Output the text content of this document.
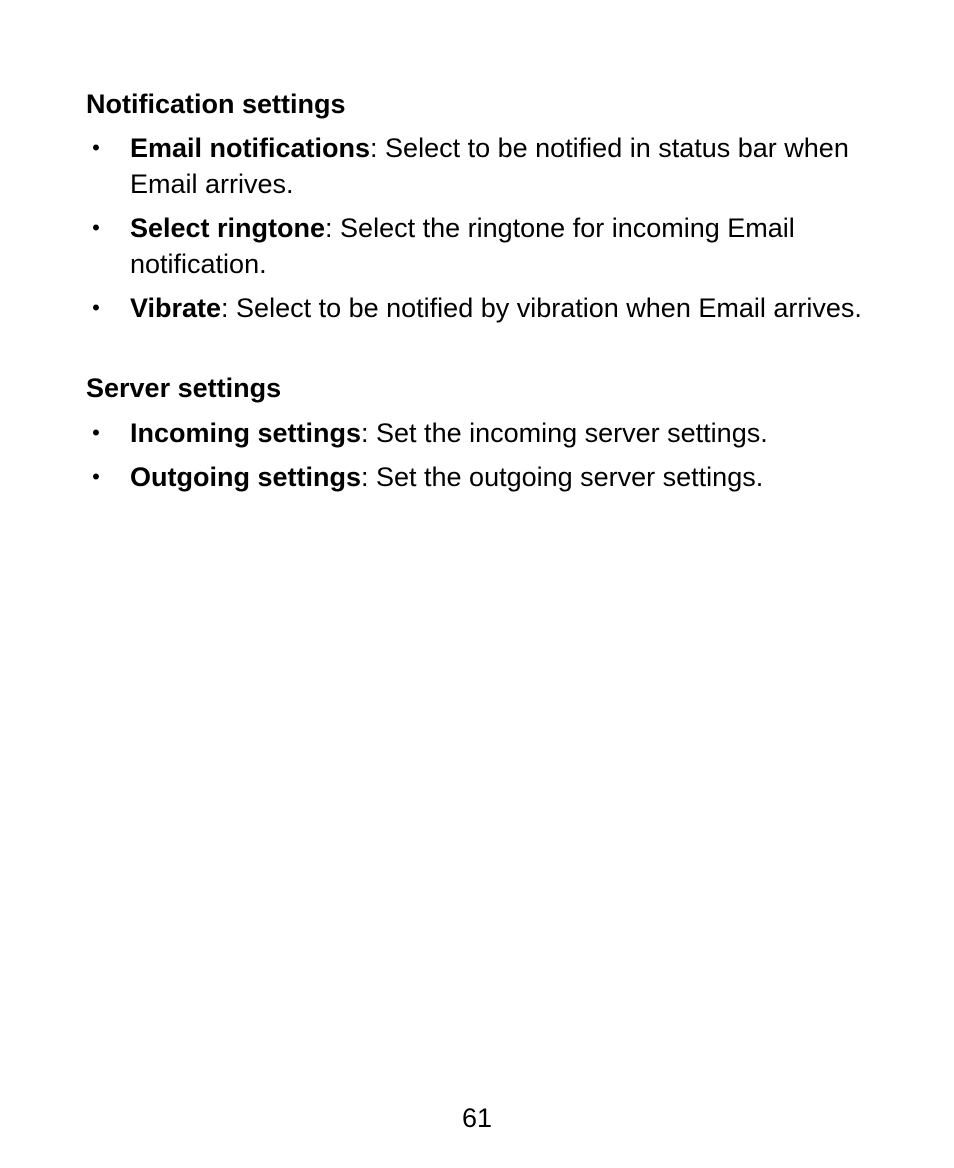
Notification settings
• Email notifications: Select to be notified in status bar when Email arrives.
• Select ringtone: Select the ringtone for incoming Email notification.
• Vibrate: Select to be notified by vibration when Email arrives.
Server settings
• Incoming settings: Set the incoming server settings.
• Outgoing settings: Set the outgoing server settings.
61
